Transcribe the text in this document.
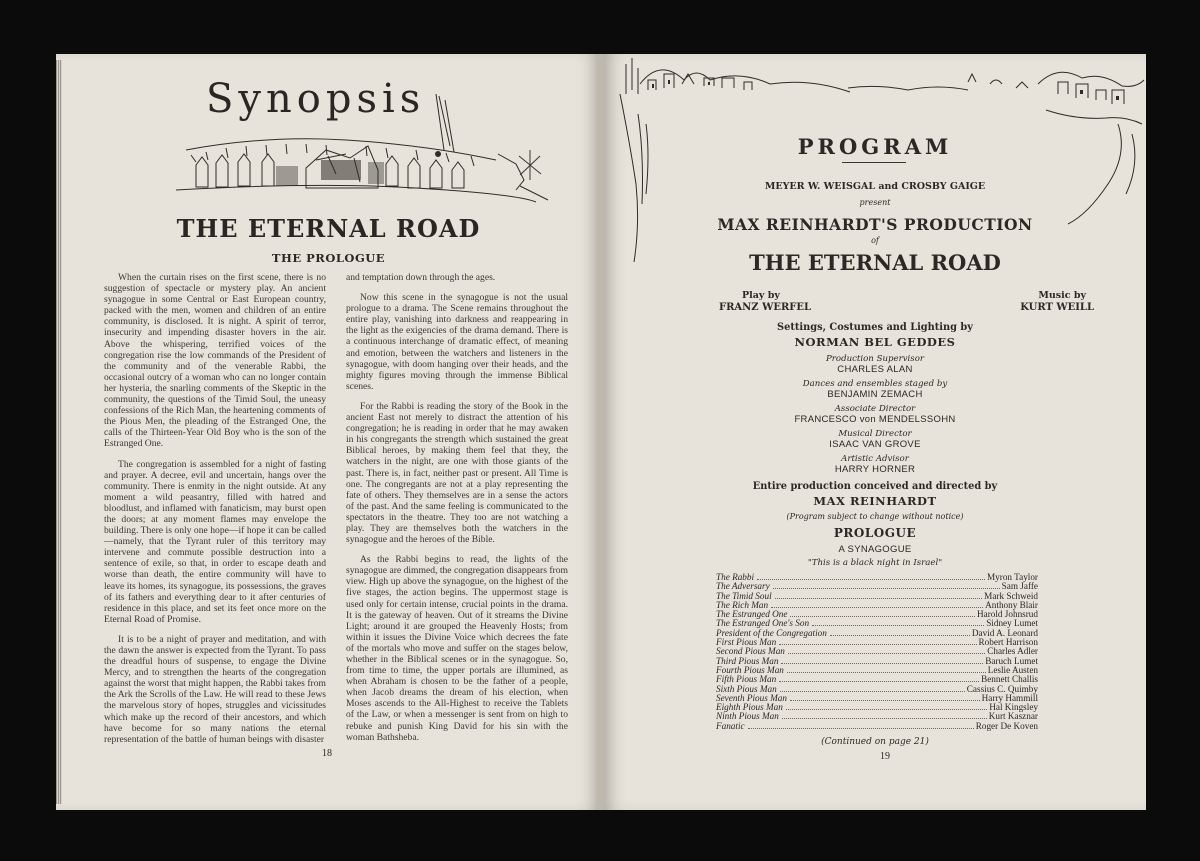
Synopsis
THE ETERNAL ROAD
THE PROLOGUE

When the curtain rises on the first scene, there is no suggestion of spectacle or mystery play. An ancient synagogue in some Central or East European country, packed with the men, women and children of an entire community, is disclosed. It is night. A spirit of terror, insecurity and impending disaster hovers in the air. Above the whispering, terrified voices of the congregation rise the low commands of the President of the community and of the venerable Rabbi, the occasional outcry of a woman who can no longer contain her hysteria, the snarling comments of the Skeptic in the community, the questions of the Timid Soul, the uneasy confessions of the Rich Man, the heartening comments of the Pious Men, the pleading of the Estranged One, the calls of the Thirteen-Year Old Boy who is the son of the Estranged One.

The congregation is assembled for a night of fasting and prayer. A decree, evil and uncertain, hangs over the community. There is enmity in the night outside. At any moment a wild peasantry, filled with hatred and bloodlust, and inflamed with fanaticism, may burst open the doors; at any moment flames may envelope the building. There is only one hope—if hope it can be called—namely, that the Tyrant ruler of this territory may intervene and commute possible destruction into a sentence of exile, so that, in order to escape death and worse than death, the entire community will have to leave its homes, its synagogue, its possessions, the graves of its fathers and everything dear to it after centuries of residence in this place, and set its feet once more on the Eternal Road of Promise.

It is to be a night of prayer and meditation, and with the dawn the answer is expected from the Tyrant. To pass the dreadful hours of suspense, to engage the Divine Mercy, and to strengthen the hearts of the congregation against the worst that might happen, the Rabbi takes from the Ark the Scrolls of the Law. He will read to these Jews the marvelous story of hopes, struggles and vicissitudes which make up the record of their ancestors, and which have become for so many nations the eternal representation of the battle of human beings with disaster

and temptation down through the ages.

Now this scene in the synagogue is not the usual prologue to a drama. The Scene remains throughout the entire play, vanishing into darkness and reappearing in the light as the exigencies of the drama demand. There is a continuous interchange of dramatic effect, of meaning and emotion, between the watchers and listeners in the synagogue, with doom hanging over their heads, and the mighty figures moving through the immense Biblical scenes.

For the Rabbi is reading the story of the Book in the ancient East not merely to distract the attention of his congregation; he is reading in order that he may awaken in his congregants the strength which sustained the great Biblical heroes, by making them feel that they, the watchers in the night, are one with those giants of the past. There is, in fact, neither past or present. All Time is one. The congregants are not at a play representing the fate of others. They themselves are in a sense the actors of the past. And the same feeling is communicated to the spectators in the theatre. They too are not watching a play. They are themselves both the watchers in the synagogue and the heroes of the Bible.

As the Rabbi begins to read, the lights of the synagogue are dimmed, the congregation disappears from view. High up above the synagogue, on the highest of the five stages, the action begins. The uppermost stage is used only for certain intense, crucial points in the drama. It is the gateway of heaven. Out of it streams the Divine Light; around it are grouped the Heavenly Hosts; from within it issues the Divine Voice which decrees the fate of the mortals who move and suffer on the stages below, whether in the Biblical scenes or in the synagogue. So, from time to time, the upper portals are illumined, as when Abraham is chosen to be the father of a people, when Jacob dreams the dream of his election, when Moses ascends to the All-Highest to receive the Tablets of the Law, or when a messenger is sent from on high to rebuke and punish King David for his sin with the woman Bathsheba.

18
PROGRAM
MEYER W. WEISGAL and CROSBY GAIGE
present
MAX REINHARDT'S PRODUCTION
of
THE ETERNAL ROAD
Play by
FRANZ WERFEL
Music by
KURT WEILL
Settings, Costumes and Lighting by
NORMAN BEL GEDDES
Production Supervisor
CHARLES ALAN
Dances and ensembles staged by
BENJAMIN ZEMACH
Associate Director
FRANCESCO von MENDELSSOHN
Musical Director
ISAAC VAN GROVE
Artistic Advisor
HARRY HORNER
Entire production conceived and directed by
MAX REINHARDT
(Program subject to change without notice)
PROLOGUE
A SYNAGOGUE
"This is a black night in Israel"
The Rabbi	Myron Taylor
The Adversary	Sam Jaffe
The Timid Soul	Mark Schweid
The Rich Man	Anthony Blair
The Estranged One	Harold Johnsrud
The Estranged One's Son	Sidney Lumet
President of the Congregation	David A. Leonard
First Pious Man	Robert Harrison
Second Pious Man	Charles Adler
Third Pious Man	Baruch Lumet
Fourth Pious Man	Leslie Austen
Fifth Pious Man	Bennett Challis
Sixth Pious Man	Cassius C. Quimby
Seventh Pious Man	Harry Hammill
Eighth Pious Man	Hal Kingsley
Ninth Pious Man	Kurt Kasznar
Fanatic	Roger De Koven
(Continued on page 21)
19
